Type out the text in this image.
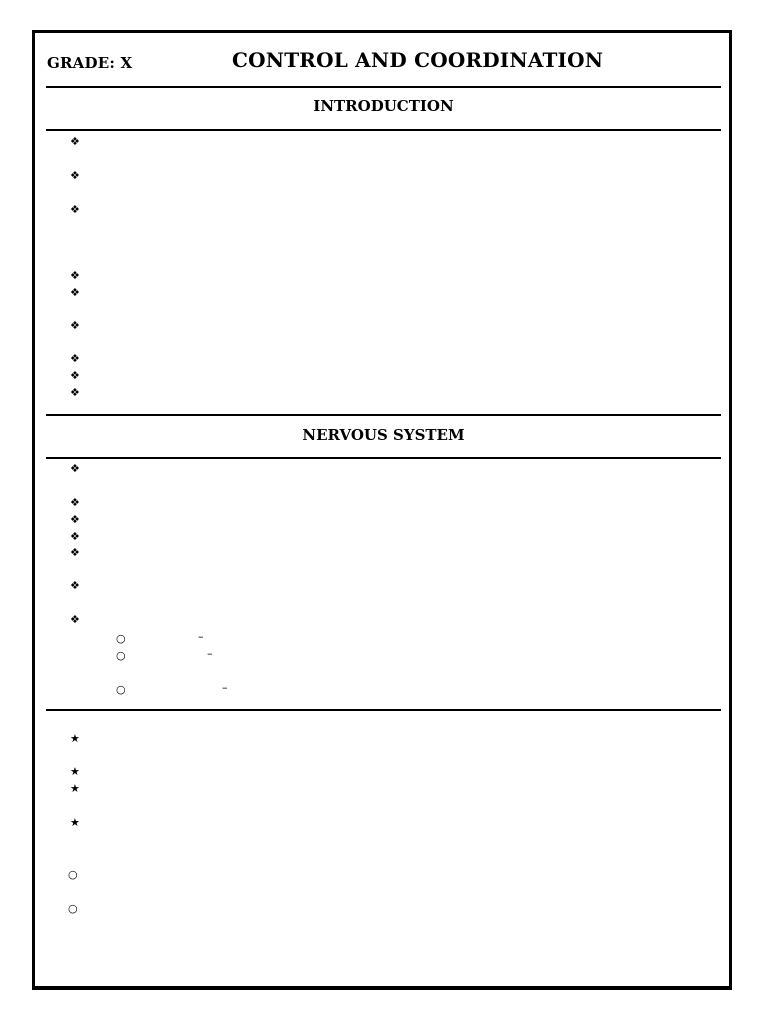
GRADE: X	CONTROL AND COORDINATION
INTRODUCTION
❖
❖
❖
❖
❖
❖
❖
❖
❖
NERVOUS SYSTEM
❖
❖
❖
❖
❖
❖
❖
○	–
○	–
○	–
★
★
★
★
○
○
